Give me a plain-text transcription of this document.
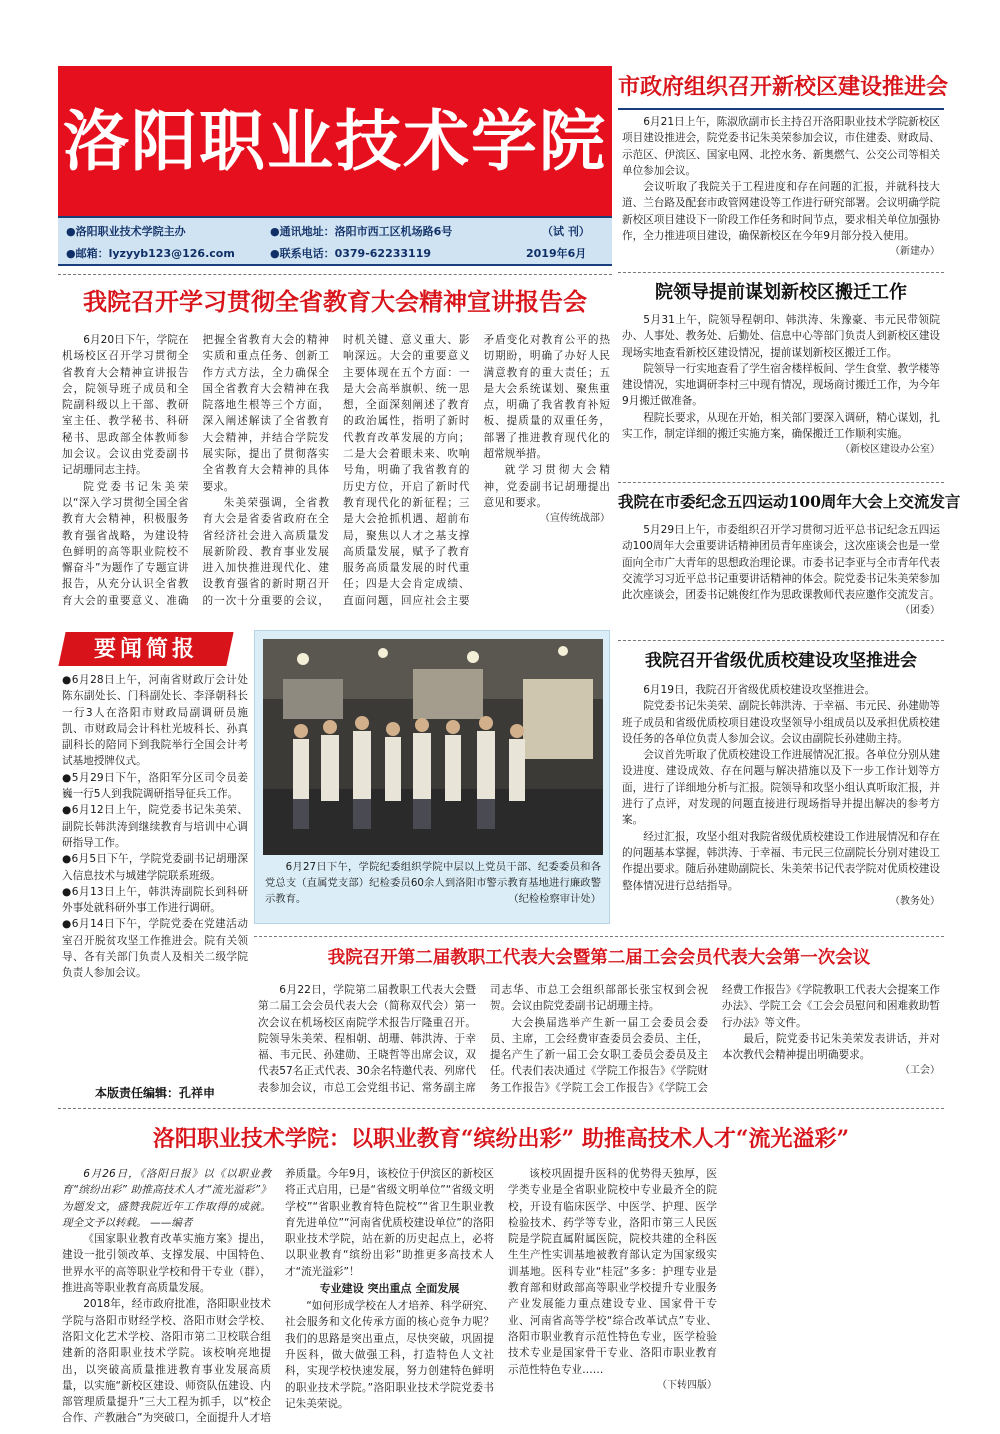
洛阳职业技术学院
●洛阳职业技术学院主办	●通讯地址：洛阳市西工区机场路6号	（试 刊）
●邮箱：lyzyyb123@126.com	●联系电话：0379-62233119	2019年6月
市政府组织召开新校区建设推进会

6月21日上午，陈淑欣副市长主持召开洛阳职业技术学院新校区项目建设推进会，院党委书记朱美荣参加会议，市住建委、财政局、示范区、伊滨区、国家电网、北控水务、新奥燃气、公交公司等相关单位参加会议。

会议听取了我院关于工程进度和存在问题的汇报，并就科技大道、兰台路及配套市政管网建设等工作进行研究部署。会议明确学院新校区项目建设下一阶段工作任务和时间节点，要求相关单位加强协作，全力推进项目建设，确保新校区在今年9月部分投入使用。

（新建办）
我院召开学习贯彻全省教育大会精神宣讲报告会

6月20日下午，学院在机场校区召开学习贯彻全省教育大会精神宣讲报告会，院领导班子成员和全院副科级以上干部、教研室主任、教学秘书、科研秘书、思政部全体教师参加会议。会议由党委副书记胡珊同志主持。

院党委书记朱美荣以“深入学习贯彻全国全省教育大会精神，积极服务教育强省战略，为建设特色鲜明的高等职业院校不懈奋斗”为题作了专题宣讲报告，从充分认识全省教育大会的重要意义、准确把握全省教育大会的精神实质和重点任务、创新工作方式方法，全力确保全国全省教育大会精神在我院落地生根等三个方面，深入阐述解读了全省教育大会精神，并结合学院发展实际，提出了贯彻落实全省教育大会精神的具体要求。

朱美荣强调，全省教育大会是省委省政府在全省经济社会进入高质量发展新阶段、教育事业发展进入加快推进现代化、建设教育强省的新时期召开的一次十分重要的会议，时机关键、意义重大、影响深远。大会的重要意义主要体现在五个方面：一是大会高举旗帜、统一思想，全面深刻阐述了教育的政治属性，指明了新时代教育改革发展的方向；二是大会着眼未来、吹响号角，明确了我省教育的历史方位，开启了新时代教育现代化的新征程；三是大会抢抓机遇、超前布局，聚焦以人才之基支撑高质量发展，赋予了教育服务高质量发展的时代重任；四是大会肯定成绩、直面问题，回应社会主要矛盾变化对教育公平的热切期盼，明确了办好人民满意教育的重大责任；五是大会系统谋划、聚焦重点，明确了我省教育补短板、提质量的双重任务，部署了推进教育现代化的超常规举措。

就学习贯彻大会精神，党委副书记胡珊提出意见和要求。

（宣传统战部）
院领导提前谋划新校区搬迁工作

5月31上午，院领导程朝印、韩洪涛、朱豫豪、韦元民带领院办、人事处、教务处、后勤处、信息中心等部门负责人到新校区建设现场实地查看新校区建设情况，提前谋划新校区搬迁工作。

院领导一行实地查看了学生宿舍楼样板间、学生食堂、教学楼等建设情况，实地调研李村三中现有情况，现场商讨搬迁工作，为今年9月搬迁做准备。

程院长要求，从现在开始，相关部门要深入调研，精心谋划，扎实工作，制定详细的搬迁实施方案，确保搬迁工作顺利实施。

（新校区建设办公室）
我院在市委纪念五四运动100周年大会上交流发言

5月29日上午，市委组织召开学习贯彻习近平总书记纪念五四运动100周年大会重要讲话精神团员青年座谈会，这次座谈会也是一堂面向全市广大青年的思想政治理论课。市委书记李亚与全市青年代表交流学习习近平总书记重要讲话精神的体会。院党委书记朱美荣参加此次座谈会，团委书记姚俊红作为思政课教师代表应邀作交流发言。

（团委）
要闻简报

●6月28日上午，河南省财政厅会计处陈东副处长、门科副处长、李泽朝科长一行3人在洛阳市财政局副调研员施凯、市财政局会计科杜光坡科长、孙真副科长的陪同下到我院举行全国会计考试基地授牌仪式。

●5月29日下午，洛阳军分区司令员姜巍一行5人到我院调研指导征兵工作。

●6月12日上午，院党委书记朱美荣、副院长韩洪涛到继续教育与培训中心调研指导工作。

●6月5日下午，学院党委副书记胡珊深入信息技术与城建学院联系班级。

●6月13日上午，韩洪涛副院长到科研外事处就科研外事工作进行调研。

●6月14日下午，学院党委在党建活动室召开脱贫攻坚工作推进会。院有关领导、各有关部门负责人及相关二级学院负责人参加会议。

本版责任编辑：孔祥申
6月27日下午，学院纪委组织学院中层以上党员干部、纪委委员和各党总支（直属党支部）纪检委员60余人到洛阳市警示教育基地进行廉政警示教育。	（纪检检察审计处）
我院召开省级优质校建设攻坚推进会

6月19日，我院召开省级优质校建设攻坚推进会。

院党委书记朱美荣、副院长韩洪涛、于幸福、韦元民、孙建勋等班子成员和省级优质校项目建设攻坚领导小组成员以及承担优质校建设任务的各单位负责人参加会议。会议由副院长孙建勋主持。

会议首先听取了优质校建设工作进展情况汇报。各单位分别从建设进度、建设成效、存在问题与解决措施以及下一步工作计划等方面，进行了详细地分析与汇报。院领导和攻坚小组认真听取汇报，并进行了点评，对发现的问题直接进行现场指导并提出解决的参考方案。

经过汇报，攻坚小组对我院省级优质校建设工作进展情况和存在的问题基本掌握，韩洪涛、于幸福、韦元民三位副院长分别对建设工作提出要求。随后孙建勋副院长、朱美荣书记代表学院对优质校建设整体情况进行总结指导。

（教务处）
我院召开第二届教职工代表大会暨第二届工会会员代表大会第一次会议

6月22日，学院第二届教职工代表大会暨第二届工会会员代表大会（简称双代会）第一次会议在机场校区南院学术报告厅隆重召开。院领导朱美荣、程相朝、胡珊、韩洪涛、于幸福、韦元民、孙建勋、王晓哲等出席会议，双代表57名正式代表、30余名特邀代表、列席代表参加会议，市总工会党组书记、常务副主席司志华、市总工会组织部部长张宝权到会祝贺。会议由院党委副书记胡珊主持。

大会换届选举产生新一届工会委员会委员、主席，工会经费审查委员会委员、主任，提名产生了新一届工会女职工委员会委员及主任。代表们表决通过《学院工作报告》《学院财务工作报告》《学院工会工作报告》《学院工会经费工作报告》《学院教职工代表大会提案工作办法》、学院工会《工会会员慰问和困难救助暂行办法》等文件。

最后，院党委书记朱美荣发表讲话，并对本次教代会精神提出明确要求。

（工会）
洛阳职业技术学院：以职业教育“缤纷出彩” 助推高技术人才“流光溢彩”

6月26日，《洛阳日报》以《以职业教育“缤纷出彩” 助推高技术人才“流光溢彩”》为题发文，盛赞我院近年工作取得的成就。现全文予以转载。 ——编者

《国家职业教育改革实施方案》提出，建设一批引领改革、支撑发展、中国特色、世界水平的高等职业学校和骨干专业（群），推进高等职业教育高质量发展。

2018年，经市政府批准，洛阳职业技术学院与洛阳市财经学校、洛阳市财会学校、洛阳文化艺术学校、洛阳市第二卫校联合组建新的洛阳职业技术学院。该校响亮地提出，以突破高质量推进教育事业发展高质量，以实施“新校区建设、师资队伍建设、内部管理质量提升”三大工程为抓手，以“校企合作、产教融合”为突破口，全面提升人才培养质量。今年9月，该校位于伊滨区的新校区将正式启用，已是“省级文明单位”“省级文明学校”“省职业教育特色院校”“省卫生职业教育先进单位”“河南省优质校建设单位”的洛阳职业技术学院，站在新的历史起点上，必将以职业教育“缤纷出彩”助推更多高技术人才“流光溢彩”！

专业建设 突出重点 全面发展

“如何形成学校在人才培养、科学研究、社会服务和文化传承方面的核心竞争力呢？我们的思路是突出重点，尽快突破，巩固提升医科，做大做强工科，打造特色人文社科，实现学校快速发展，努力创建特色鲜明的职业技术学院。”洛阳职业技术学院党委书记朱美荣说。

该校巩固提升医科的优势得天独厚，医学类专业是全省职业院校中专业最齐全的院校，开设有临床医学、中医学、护理、医学检验技术、药学等专业，洛阳市第三人民医院是学院直属附属医院，院校共建的全科医生生产性实训基地被教育部认定为国家级实训基地。医科专业“桂冠”多多：护理专业是教育部和财政部高等职业学校提升专业服务产业发展能力重点建设专业、国家骨干专业、河南省高等学校“综合改革试点”专业、洛阳市职业教育示范性特色专业，医学检验技术专业是国家骨干专业、洛阳市职业教育示范性特色专业……

（下转四版）
